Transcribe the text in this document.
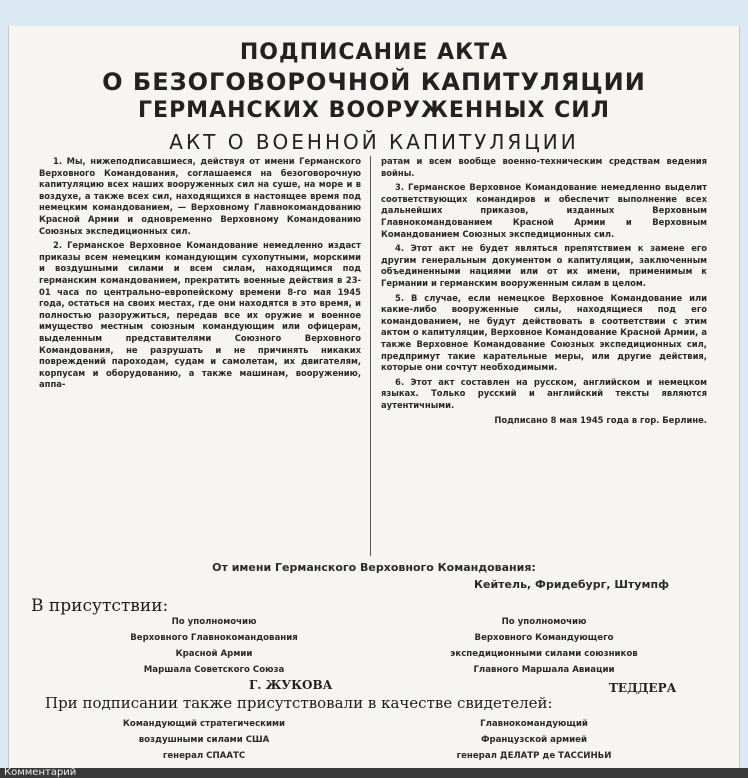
ПОДПИСАНИЕ АКТА
О БЕЗОГОВОРОЧНОЙ КАПИТУЛЯЦИИ
ГЕРМАНСКИХ ВООРУЖЕННЫХ СИЛ
АКТ О ВОЕННОЙ КАПИТУЛЯЦИИ

1. Мы, нижеподписавшиеся, действуя от имени Германского Верховного Командования, соглашаемся на безоговорочную капитуляцию всех наших вооруженных сил на суше, на море и в воздухе, а также всех сил, находящихся в настоящее время под немецким командованием, — Верховному Главнокомандованию Красной Армии и одновременно Верховному Командованию Союзных экспедиционных сил.

2. Германское Верховное Командование немедленно издаст приказы всем немецким командующим сухопутными, морскими и воздушными силами и всем силам, находящимся под германским командованием, прекратить военные действия в 23-01 часа по центрально-европейскому времени 8-го мая 1945 года, остаться на своих местах, где они находятся в это время, и полностью разоружиться, передав все их оружие и военное имущество местным союзным командующим или офицерам, выделенным представителями Союзного Верховного Командования, не разрушать и не причинять никаких повреждений пароходам, судам и самолетам, их двигателям, корпусам и оборудованию, а также машинам, вооружению, аппа-

ратам и всем вообще военно-техническим средствам ведения войны.

3. Германское Верховное Командование немедленно выделит соответствующих командиров и обеспечит выполнение всех дальнейших приказов, изданных Верховным Главнокомандованием Красной Армии и Верховным Командованием Союзных экспедиционных сил.

4. Этот акт не будет являться препятствием к замене его другим генеральным документом о капитуляции, заключенным объединенными нациями или от их имени, применимым к Германии и германским вооруженным силам в целом.

5. В случае, если немецкое Верховное Командование или какие-либо вооруженные силы, находящиеся под его командованием, не будут действовать в соответствии с этим актом о капитуляции, Верховное Командование Красной Армии, а также Верховное Командование Союзных экспедиционных сил, предпримут такие карательные меры, или другие действия, которые они сочтут необходимыми.

6. Этот акт составлен на русском, английском и немецком языках. Только русский и английский тексты являются аутентичными.

Подписано 8 мая 1945 года в гор. Берлине.
От имени Германского Верховного Командования:
Кейтель, Фридебург, Штумпф
В присутствии:
По уполномочию
Верховного Главнокомандования
Красной Армии
Маршала Советского Союза
Г. ЖУКОВА
По уполномочию
Верховного Командующего
экспедиционными силами союзников
Главного Маршала Авиации
ТЕДДЕРА
При подписании также присутствовали в качестве свидетелей:
Командующий стратегическими
воздушными силами США
генерал СПААТС
Главнокомандующий
Французской армией
генерал ДЕЛАТР де ТАССИНЬИ
Комментарий
